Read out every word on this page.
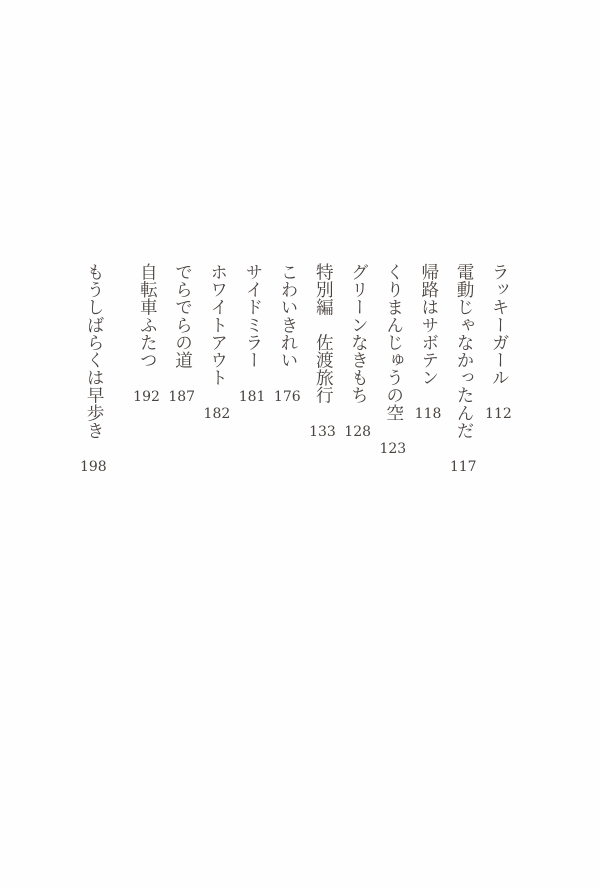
ラッキーガール
112
電動じゃなかったんだ
117
帰路はサボテン
118
くりまんじゅうの空
123
グリーンなきもち
128
特別編　佐渡旅行
133
こわいきれい
176
サイドミラー
181
ホワイトアウト
182
でらでらの道
187
自転車ふたつ
192
もうしばらくは早歩き
198
